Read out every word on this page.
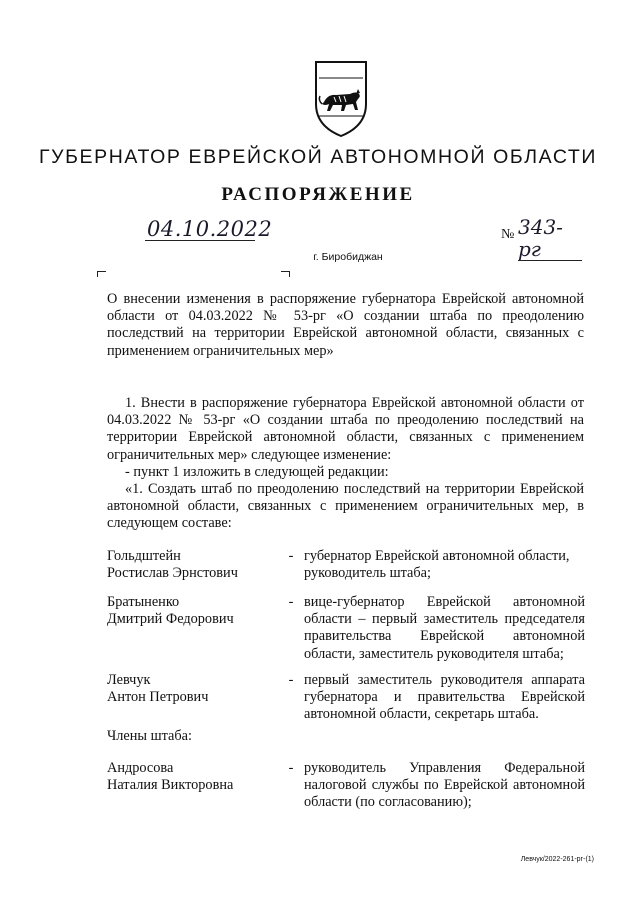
ГУБЕРНАТОР ЕВРЕЙСКОЙ АВТОНОМНОЙ ОБЛАСТИ
РАСПОРЯЖЕНИЕ
04.10.2022	№ 343-рг
г. Биробиджан
О внесении изменения в распоряжение губернатора Еврейской автономной области от 04.03.2022 № 53-рг «О создании штаба по преодолению последствий на территории Еврейской автономной области, связанных с применением ограничительных мер»

1. Внести в распоряжение губернатора Еврейской автономной области от 04.03.2022 № 53-рг «О создании штаба по преодолению последствий на территории Еврейской автономной области, связанных с применением ограничительных мер» следующее изменение:

- пункт 1 изложить в следующей редакции:

«1. Создать штаб по преодолению последствий на территории Еврейской автономной области, связанных с применением ограничительных мер, в следующем составе:

Гольдштейн
Ростислав Эрнстович
- губернатор Еврейской автономной области,
руководитель штаба;
Братыненко
Дмитрий Федорович
- вице-губернатор Еврейской автономной
области – первый заместитель председателя
правительства Еврейской автономной
области, заместитель руководителя штаба;
Левчук
Антон Петрович
- первый заместитель руководителя аппарата
губернатора и правительства Еврейской
автономной области, секретарь штаба.
Члены штаба:
Андросова
Наталия Викторовна
- руководитель Управления Федеральной
налоговой службы по Еврейской автономной
области (по согласованию);
Левчук/2022-261-рг-(1)
